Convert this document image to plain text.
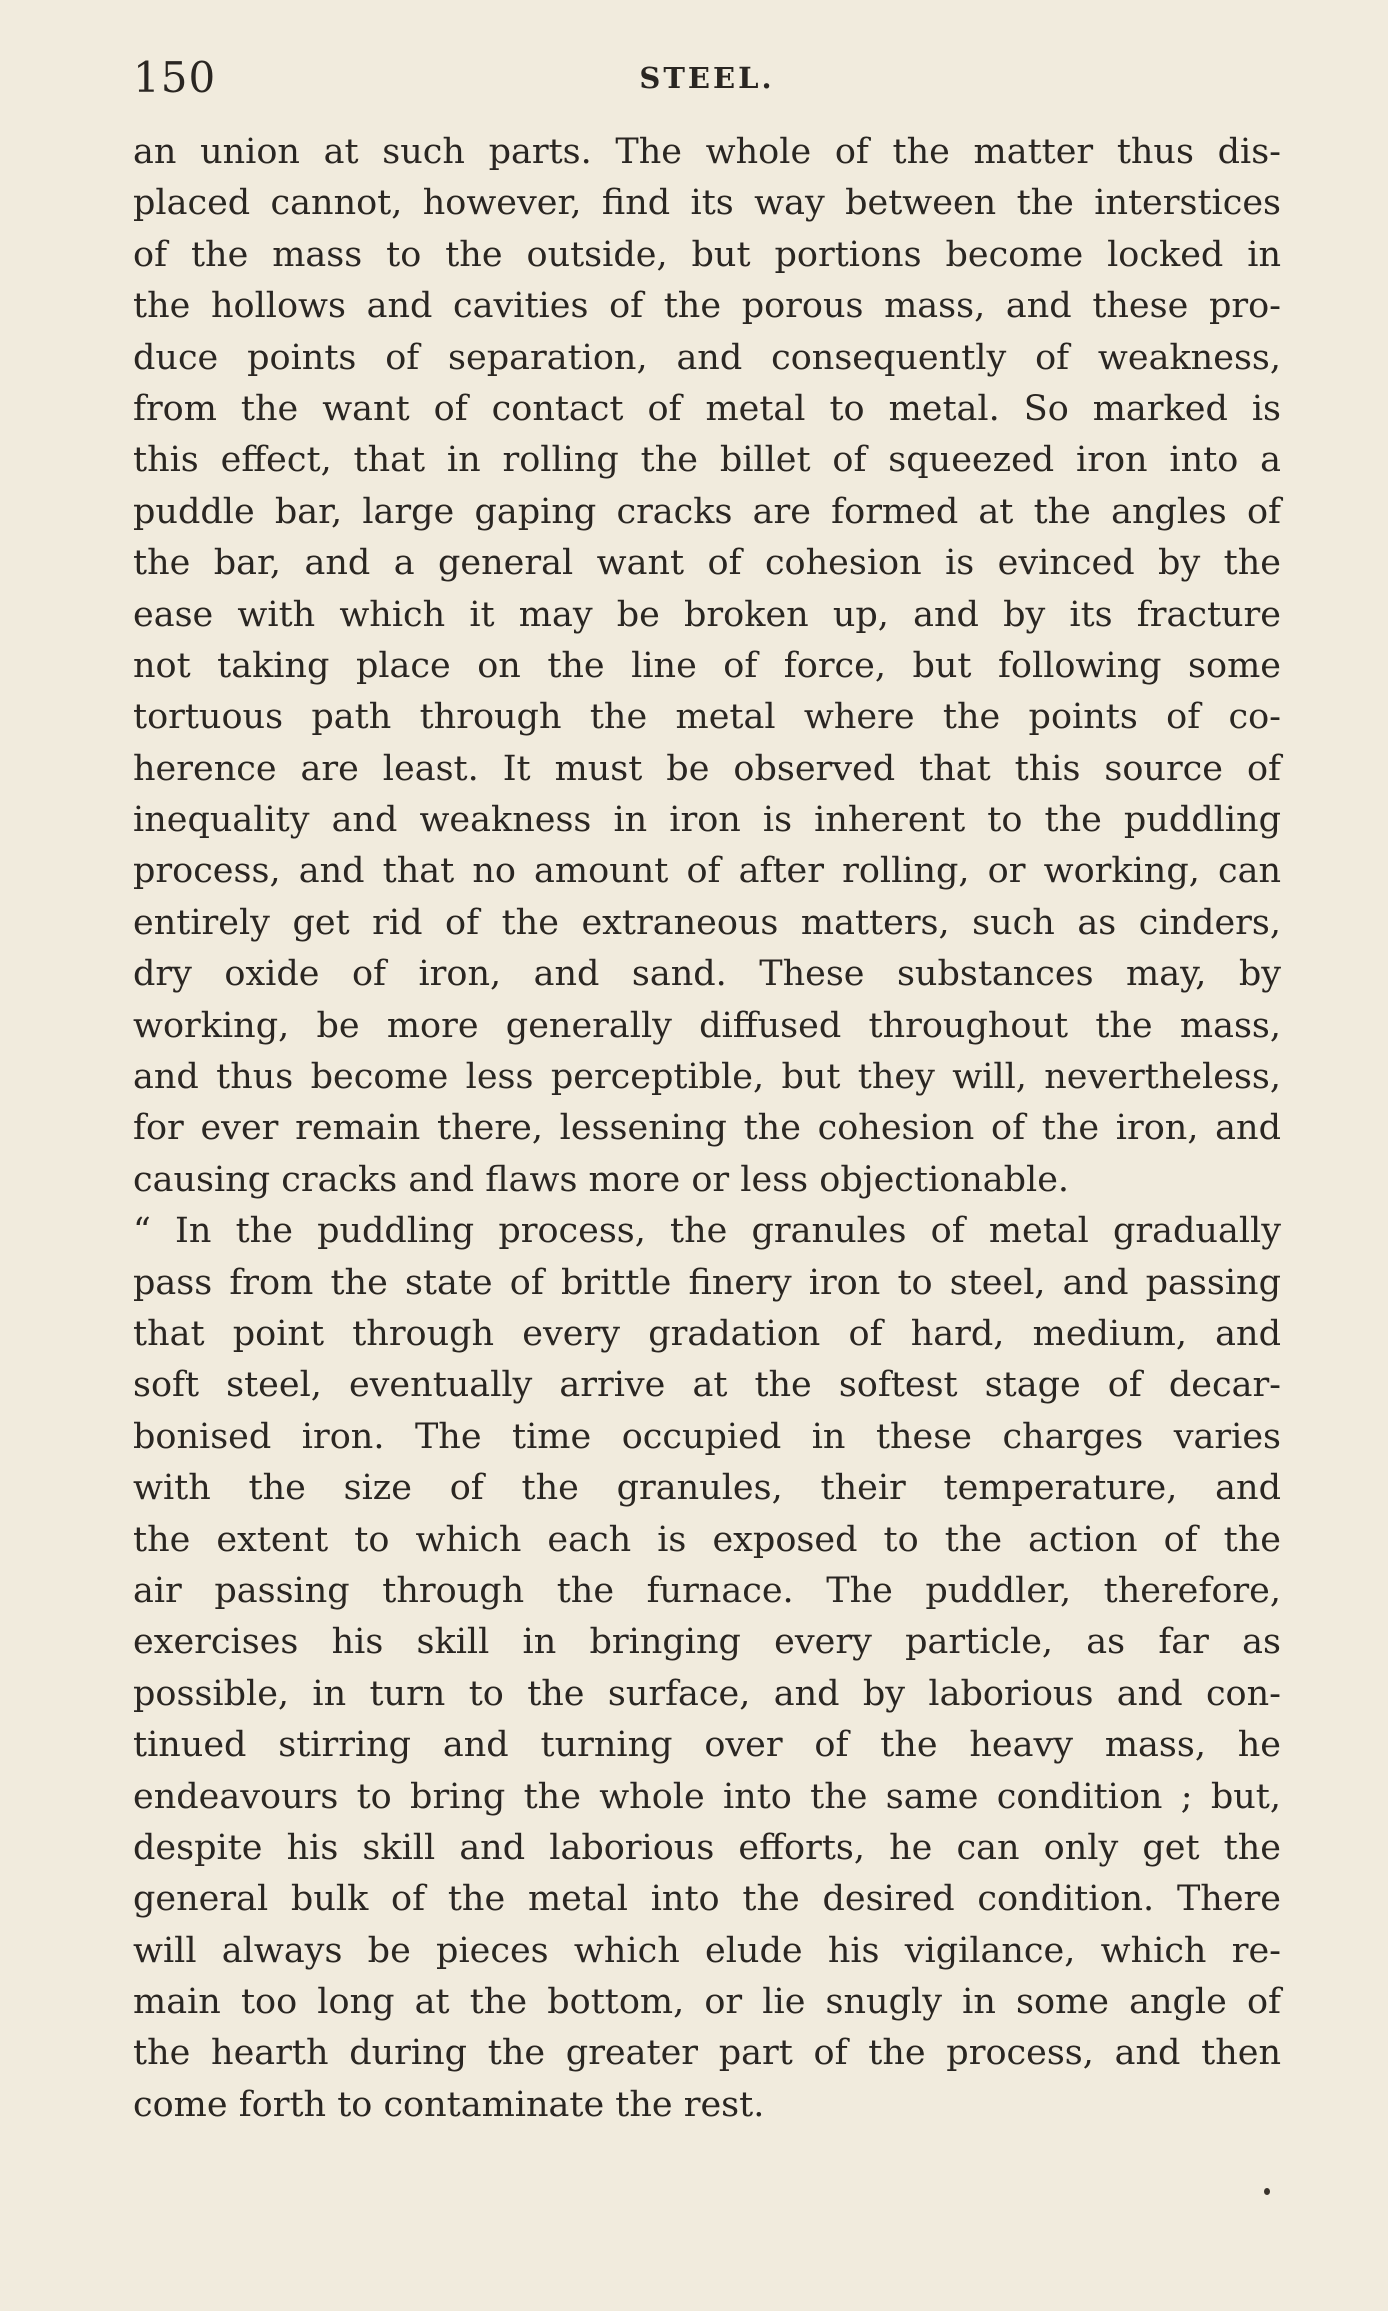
150	STEEL.
an union at such parts. The whole of the matter thus dis-
placed cannot, however, find its way between the interstices
of the mass to the outside, but portions become locked in
the hollows and cavities of the porous mass, and these pro-
duce points of separation, and consequently of weakness,
from the want of contact of metal to metal. So marked is
this effect, that in rolling the billet of squeezed iron into a
puddle bar, large gaping cracks are formed at the angles of
the bar, and a general want of cohesion is evinced by the
ease with which it may be broken up, and by its fracture
not taking place on the line of force, but following some
tortuous path through the metal where the points of co-
herence are least. It must be observed that this source of
inequality and weakness in iron is inherent to the puddling
process, and that no amount of after rolling, or working, can
entirely get rid of the extraneous matters, such as cinders,
dry oxide of iron, and sand. These substances may, by
working, be more generally diffused throughout the mass,
and thus become less perceptible, but they will, nevertheless,
for ever remain there, lessening the cohesion of the iron, and
causing cracks and flaws more or less objectionable.
“ In the puddling process, the granules of metal gradually
pass from the state of brittle finery iron to steel, and passing
that point through every gradation of hard, medium, and
soft steel, eventually arrive at the softest stage of decar-
bonised iron. The time occupied in these charges varies
with the size of the granules, their temperature, and
the extent to which each is exposed to the action of the
air passing through the furnace. The puddler, therefore,
exercises his skill in bringing every particle, as far as
possible, in turn to the surface, and by laborious and con-
tinued stirring and turning over of the heavy mass, he
endeavours to bring the whole into the same condition ; but,
despite his skill and laborious efforts, he can only get the
general bulk of the metal into the desired condition. There
will always be pieces which elude his vigilance, which re-
main too long at the bottom, or lie snugly in some angle of
the hearth during the greater part of the process, and then
come forth to contaminate the rest.
